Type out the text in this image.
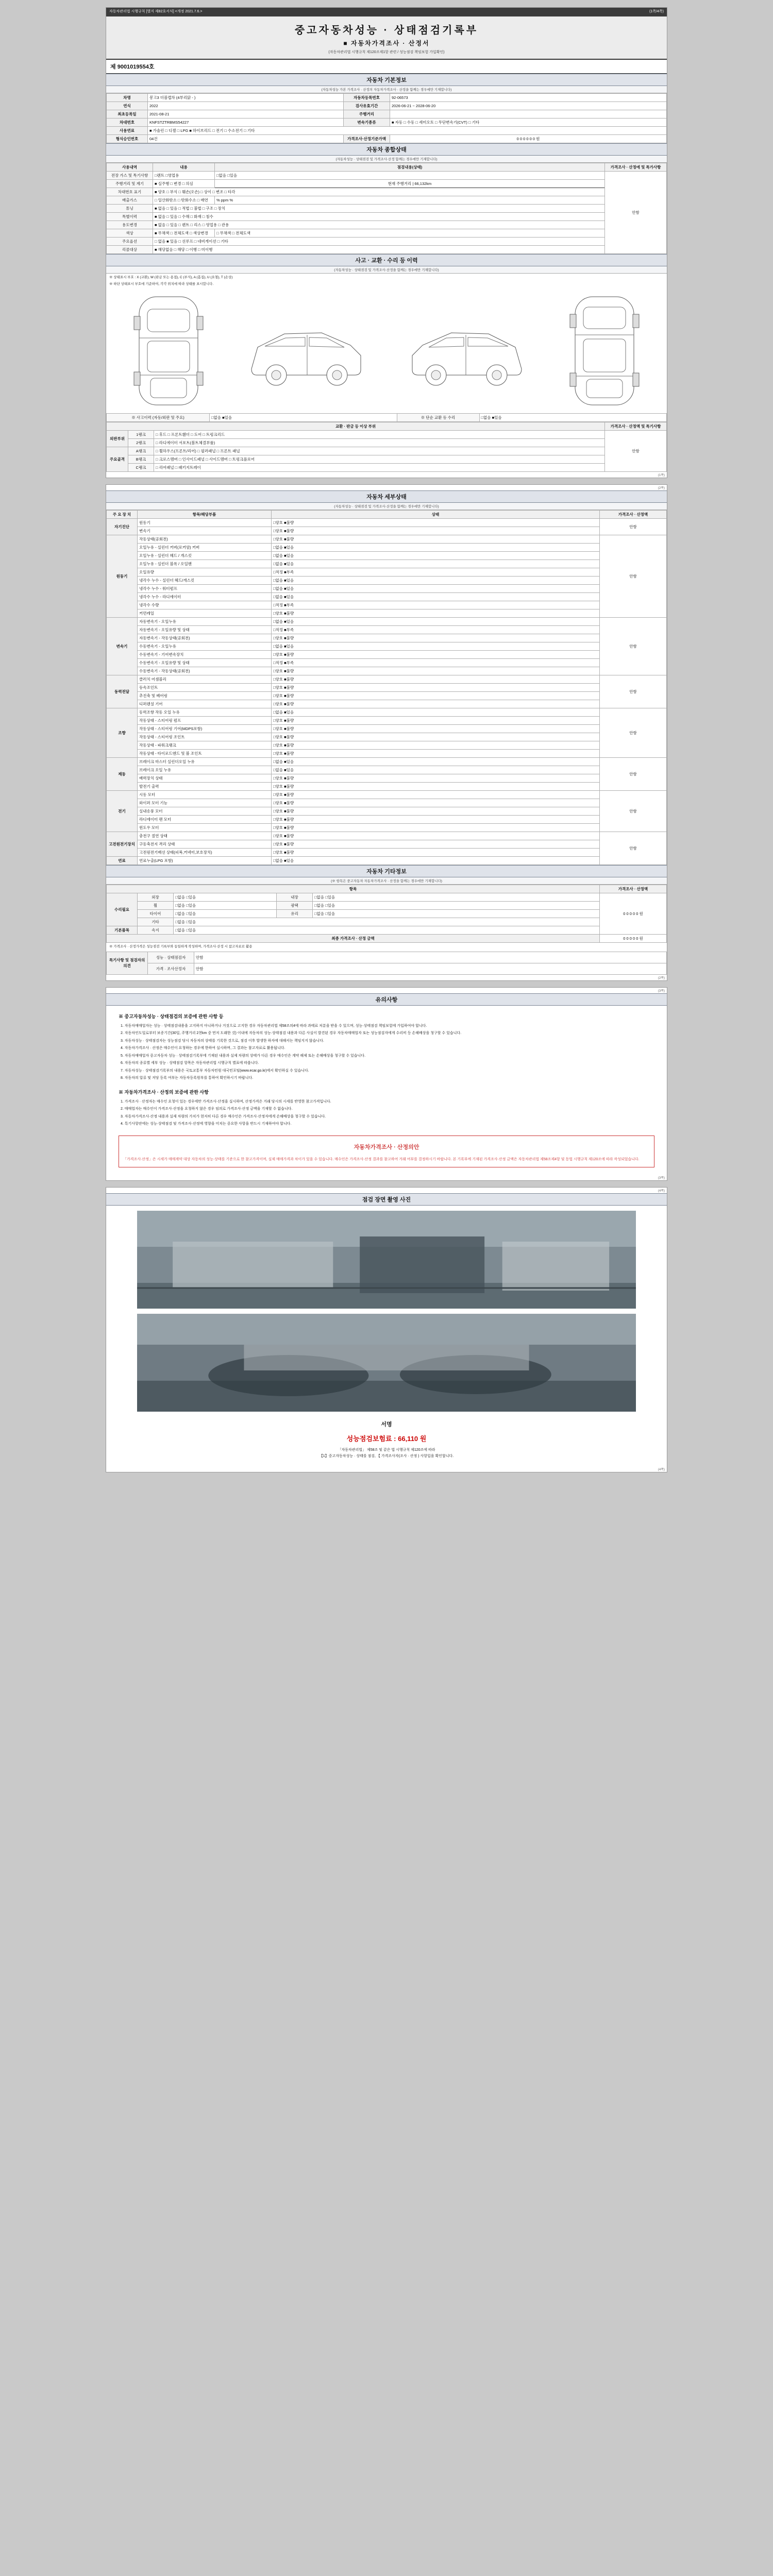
자동차관리법 시행규칙 [별지 제82호서식] <개정 2021.7.6.>	(1쪽/4쪽)
중고자동차성능 · 상태점검기록부
■ 자동차가격조사 · 산정서
(자동차관리법 시행규칙 제120조제1항 관련 / 성능점검 책임보험 가입확인)
제 9001019554호
자동차 기본정보
(자동차성능 가본 가격조사 · 산정의 자동차가격조사 · 산정을 함께는 경우에만 기재합니다)
차명	봉고3 더블캡차 (4부리닭 - )	자동차등록번호	92-06573
연식	2022	검사유효기간	2026-06-21 ~ 2028-06-20
최초등록일	2021-08-21	주행거리	
차대번호	KNFSTZTRBMS54227	변속기종류	■ 자동 □ 수동 □ 세미오토 □ 무단변속기(CVT) □ 기타
사용연료	■ 가솔린 □ 디젤 □ LPG ■ 하이브리드 □ 전기 □ 수소전기 □ 기타		
형식승인번호	04건	가격조사·산정기준가액	0 0 0 0 0 0 원
자동차 종합상태
(자동차성능 · 상태점검 및 가격조사·산정 함께는 경우에만 기재합니다)
사용내역	내용	점검내용(상태)	가격조사 · 산정에 및 특가사항
전장 가스 및 특기사항	□렌트 □영업용	□없음 □있음	안함
주행거리 및 계기	■ 실주행 □ 변경 □ 의심	현재 주행거리 | 66,132km	
차대번호 표기	■ 양호 □ 부식 □ 훼손(오손) □ 상이 □ 변조 □ 타각		
배출가스	□ 일산화탄소 □ 탄화수소 □ 매연	% ppm %	
튜닝	■ 없음 □ 있음 □ 적법 □ 불법 □ 구조 □ 장치		
특별이력	■ 없음 □ 있음 □ 수해 □ 화재 □ 침수		
용도변경	■ 없음 □ 있음 □ 렌트 □ 리스 □ 영업용 □ 관용		
색상	■ 무채색 □ 전체도색 □ 색상변경	□ 무채색 □ 전체도색	
주요옵션	□ 없음 ■ 있음 □ 선루프 □ 네비게이션 □ 기타		
리콜대상	■ 해당없음 □ 해당 □ 이행 □ 미이행		
사고 · 교환 · 수리 등 이력
(자동차성능 · 상태점검 및 가격조사·산정을 함께는 경우에만 기재합니다)
※ 상태표시 부호 : X (교환), W (판금 또는 용접), C (부식), A (흠집), U (요철), T (손상)
※ 하단 상태표시 부호에 기준하여, 각각 위치에 따라 상태를 표시합니다.
※ 사고이력 (자동/외판 및 주요)	□없음 ■있음	※ 단순 교환 등 수리	□없음 ■있음
교환 · 판금 등 이상 부위			가격조사 · 산정액 및 특기사항
외판부위	1랭크	□ 후드 □ 프론트휀더 □ 도어 □ 트렁크리드	안함
	2랭크	□ 라디에이터 서포트(볼트체결부품)	
주요골격	A랭크	□ 휠하우스(프론트/리어) □ 필러패널 □ 프론트 패널	
	B랭크	□ 크로스멤버 □ 인사이드패널 □ 사이드멤버 □ 트렁크플로어	
	C랭크	□ 리어패널 □ 패키지트레이	
(1쪽)
(2쪽)
자동차 세부상태
(자동차성능 · 상태점검 및 가격조사·산정을 함께는 경우에만 기재합니다)
주 요 장 치	항목/해당부품	상태	가격조사 · 산정액
자기진단	원동기	□양호 ■불량	안함
	변속기	□양호 ■불량	
원동기	작동상태(공회전)	□양호 ■불량	안함
	오일누유 - 실린더 커버(로커암) 커버	□없음 ■있음	
	오일누유 - 실린더 헤드 / 개스킷	□없음 ■있음	
	오일누유 - 실린더 블록 / 오일팬	□없음 ■있음	
	오일유량	□적정 ■부족	
	냉각수 누수 - 실린더 헤드/개스킷	□없음 ■있음	
	냉각수 누수 - 워터펌프	□없음 ■있음	
	냉각수 누수 - 라디에이터	□없음 ■있음	
	냉각수 수량	□적정 ■부족	
	커먼레일	□양호 ■불량	
변속기	자동변속기 - 오일누유	□없음 ■있음	안함
	자동변속기 - 오일유량 및 상태	□적정 ■부족	
	자동변속기 - 작동상태(공회전)	□양호 ■불량	
	수동변속기 - 오일누유	□없음 ■있음	
	수동변속기 - 기어변속장치	□양호 ■불량	
	수동변속기 - 오일유량 및 상태	□적정 ■부족	
	수동변속기 - 작동상태(공회전)	□양호 ■불량	
동력전달	클러치 어셈블리	□양호 ■불량	안함
	등속조인트	□양호 ■불량	
	추진축 및 베어링	□양호 ■불량	
	디퍼렌셜 기어	□양호 ■불량	
조향	동력조향 작동 오일 누유	□없음 ■있음	안함
	작동상태 - 스티어링 펌프	□양호 ■불량	
	작동상태 - 스티어링 기어(MDPS포함)	□양호 ■불량	
	작동상태 - 스티어링 조인트	□양호 ■불량	
	작동상태 - 파워크랭크	□양호 ■불량	
	작동상태 - 타이로드엔드 및 볼 조인트	□양호 ■불량	
제동	브레이크 마스터 실린더오일 누유	□없음 ■있음	안함
	브레이크 오일 누유	□없음 ■있음	
	배력장치 상태	□양호 ■불량	
	발전기 출력	□양호 ■불량	
전기	시동 모터	□양호 ■불량	안함
	와이퍼 모터 기능	□양호 ■불량	
	실내송풍 모터	□양호 ■불량	
	라디에이터 팬 모터	□양호 ■불량	
	윈도우 모터	□양호 ■불량	
고전원전기장치	충전구 절연 상태	□양호 ■불량	안함
	구동축전지 격리 상태	□양호 ■불량	
	고전원전기배선 상태(피복,커넥터,보호장치)	□양호 ■불량	
연료	연료누출(LPG 포함)	□없음 ■있음	
자동차 기타정보
(※ 항목은 중고자동차 자동차가격조사 · 산정을 함께는 경우에만 기재합니다)
항목					가격조사 · 산정액
수리필요	외장	□없음 □있음	내장	□없음 □있음	0 0 0 0 0 원
	휠	□없음 □있음	광택	□없음 □있음	
	타이어	□없음 □있음	유리	□없음 □있음	
	기타	□없음 □있음			
기본품목	속지	□없음 □있음			
최종 가격조사 · 산정 금액					0 0 0 0 0 원
※ 가격조사 · 산정가격은 성능점검 기록부와 동일하게 작성하며, 가격조사·산정 시 참고자료로 활용
특기사항 및 점검자의 의견	성능 · 상태점검자	안함
	가격 · 조사산정자	안함
(2쪽)
(3쪽)
유의사항
※ 중고자동차성능 · 상태점검의 보증에 관한 사항 등
1. 자동차매매업자는 성능 · 상태점검내용을 고지하지 아니하거나 거짓으로 고지한 경우 자동차관리법 제58조의4에 따라 과태료 처분을 받을 수 있으며, 성능·상태점검 책임보험에 가입하여야 합니다.
2. 자동차인도일로부터 보증기간(30일, 주행거리 2천km 중 먼저 도래한 것) 이내에 자동차의 성능·상태점검 내용과 다른 사실이 발견된 경우 자동차매매업자 또는 성능점검자에게 수리비 등 손해배상을 청구할 수 있습니다.
3. 자동차성능 · 상태점검자는 성능점검 당시 자동차의 상태를 기록한 것으로, 점검 이후 발생한 하자에 대해서는 책임지지 않습니다.
4. 자동차가격조사 · 산정은 매수인이 요청하는 경우에 한하여 실시하며, 그 결과는 참고자료로 활용됩니다.
5. 자동차매매업자 중고자동차 성능 · 상태점검기록부에 기재된 내용과 실제 차량의 상태가 다른 경우 매수인은 계약 해제 또는 손해배상을 청구할 수 있습니다.
6. 자동차의 종류별 세부 성능 · 상태점검 항목은 자동차관리법 시행규칙 별표에 따릅니다.
7. 자동차성능 · 상태점검기록부의 내용은 국토교통부 자동차민원 대국민포털(www.ecar.go.kr)에서 확인하실 수 있습니다.
8. 자동차의 압류 및 저당 등록 여부는 자동차등록원부를 통하여 확인하시기 바랍니다.
※ 자동차가격조사 · 산정의 보증에 관한 사항
1. 가격조사 · 산정자는 매수인 요청이 있는 경우에만 가격조사·산정을 실시하며, 산정가격은 거래 당시의 시세를 반영한 참고가격입니다.
2. 매매업자는 매수인이 가격조사·산정을 요청하지 않은 경우 임의로 가격조사·산정 금액을 기재할 수 없습니다.
3. 자동차가격조사·산정 내용과 실제 차량의 가치가 현저히 다른 경우 매수인은 가격조사·산정자에게 손해배상을 청구할 수 있습니다.
4. 특기사항란에는 성능·상태점검 및 가격조사·산정에 영향을 미치는 중요한 사항을 반드시 기재하여야 합니다.
자동차가격조사 · 산정의안
「가격조사·산정」은 시세가 매매계약 대상 자동차의 성능·상태를 기준으로 한 참고가격이며, 실제 매매가격과 차이가 있을 수 있습니다. 매수인은 가격조사·산정 결과를 참고하여 거래 여부를 결정하시기 바랍니다. 본 기록부에 기재된 가격조사·산정 금액은 자동차관리법 제58조제4항 및 동법 시행규칙 제120조에 따라 작성되었습니다.
(3쪽)
(4쪽)
점검 장면 촬영 사진
서명
성능점검보험료 : 66,110 원
「자동차관리법」 제58조 및 같은 법 시행규칙 제120조에 따라
【1】중고자동차성능 · 상태를 점검, 【 가격조사자(조사 · 산정 ) 사항입을 확인합니다.
(4쪽)
